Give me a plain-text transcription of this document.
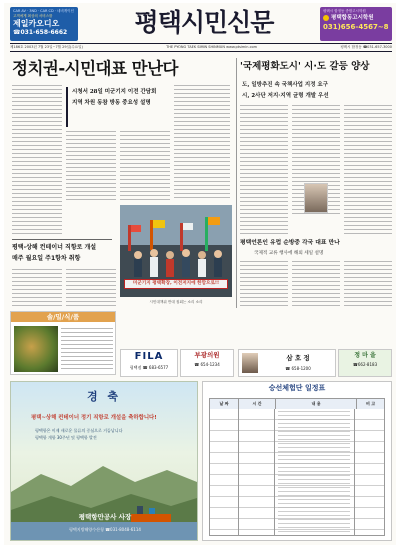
CAR AV · 3ND · CAR CD · 네비게이션
고객에게 최상의 서비스를
제일카오디오
☎031-658-6662	평택시민신문	평택시 합정동 종합고시학원
평택합동고시학원
031)656-4567~8
제186호 2003년 7월 23일~7월 29일(수요일)	THE PYONG TAEK SIMIN SHINMUN www.ptsimin.com	평택시 합정동 ☎031-657-3000
정치권-시민대표 만난다
시청서 28일 미군기지 이전 간담회
지역 차원 동참 방동 중요성 설명
'국제평화도시' 시·도 갈등 양상
도, 일방추진 속 국책사업 지정 요구
시, 2사단 저지·지역 균형 개발 우선
평택-상해 컨테이너 직항로 개설
매주 월요일 주1항차 취항
미군기지 평택확장, 이전저지에 한맘으로!!
시민대책위 반대 집회는 소리 소리
평택언론인 유럽 순방중 각국 대표 만나
국제적 교류 행사에 해외 세일 설명
솔/밀/식/품
FILA
평택점 ☎ 683-6577
부광의원
☎ 654-1234
삼 호 정
☎ 658-1200
정 마 을
☎662-8183
경 축
평택~상해 컨테이너 정기 직항로 개설을 축하합니다!
평택항은 이제 새로운 물류의 중심으로 거듭납니다
평택항 개항 30주년 및 평택항 발전
평택항만공사 사장
평택지방해양수산청 ☎031-8048-6114
승선체험단 일정표
날 짜	시 간	내 용	비 고
